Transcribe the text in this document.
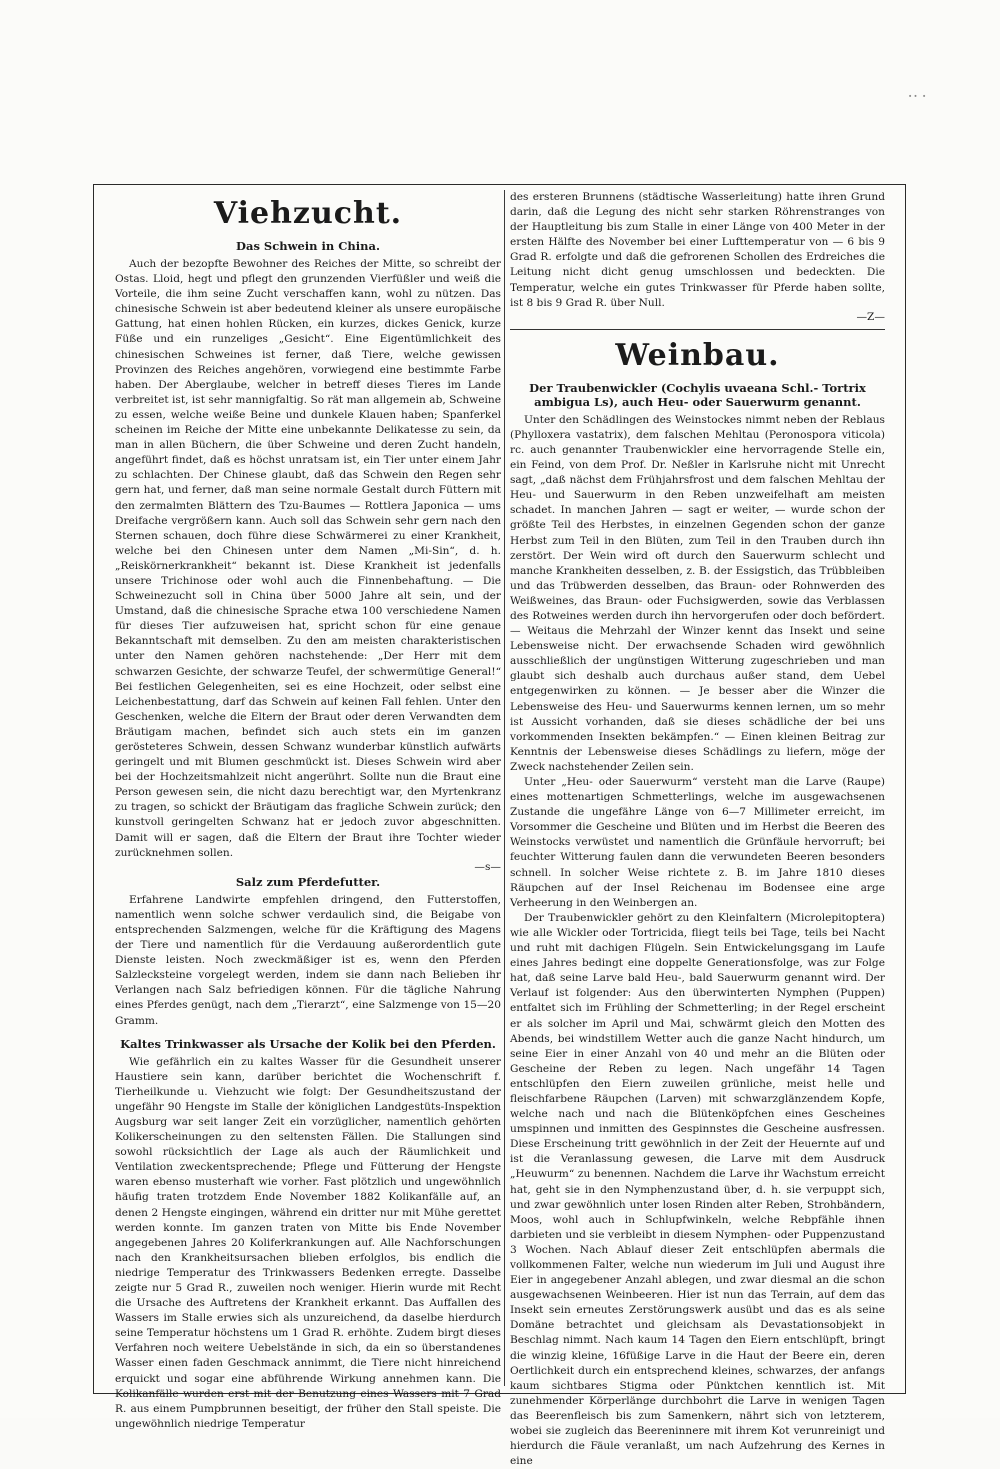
∙∙ ∙
Viehzucht.
Das Schwein in China.

Auch der bezopfte Bewohner des Reiches der Mitte, so schreibt der Ostas. Lloid, hegt und pflegt den grunzenden Vierfüßler und weiß die Vorteile, die ihm seine Zucht verschaffen kann, wohl zu nützen. Das chinesische Schwein ist aber bedeutend kleiner als unsere europäische Gattung, hat einen hohlen Rücken, ein kurzes, dickes Genick, kurze Füße und ein runzeliges „Gesicht“. Eine Eigentümlichkeit des chinesischen Schweines ist ferner, daß Tiere, welche gewissen Provinzen des Reiches angehören, vorwiegend eine bestimmte Farbe haben. Der Aberglaube, welcher in betreff dieses Tieres im Lande verbreitet ist, ist sehr mannigfaltig. So rät man allgemein ab, Schweine zu essen, welche weiße Beine und dunkele Klauen haben; Spanferkel scheinen im Reiche der Mitte eine unbekannte Delikatesse zu sein, da man in allen Büchern, die über Schweine und deren Zucht handeln, angeführt findet, daß es höchst unratsam ist, ein Tier unter einem Jahr zu schlachten. Der Chinese glaubt, daß das Schwein den Regen sehr gern hat, und ferner, daß man seine normale Gestalt durch Füttern mit den zermalmten Blättern des Tzu-Baumes — Rottlera Japonica — ums Dreifache vergrößern kann. Auch soll das Schwein sehr gern nach den Sternen schauen, doch führe diese Schwärmerei zu einer Krankheit, welche bei den Chinesen unter dem Namen „Mi-Sin“, d. h. „Reiskörnerkrankheit“ bekannt ist. Diese Krankheit ist jedenfalls unsere Trichinose oder wohl auch die Finnenbehaftung. — Die Schweinezucht soll in China über 5000 Jahre alt sein, und der Umstand, daß die chinesische Sprache etwa 100 verschiedene Namen für dieses Tier aufzuweisen hat, spricht schon für eine genaue Bekanntschaft mit demselben. Zu den am meisten charakteristischen unter den Namen gehören nachstehende: „Der Herr mit dem schwarzen Gesichte, der schwarze Teufel, der schwermütige General!“ Bei festlichen Gelegenheiten, sei es eine Hochzeit, oder selbst eine Leichenbestattung, darf das Schwein auf keinen Fall fehlen. Unter den Geschenken, welche die Eltern der Braut oder deren Verwandten dem Bräutigam machen, befindet sich auch stets ein im ganzen gerösteteres Schwein, dessen Schwanz wunderbar künstlich aufwärts geringelt und mit Blumen geschmückt ist. Dieses Schwein wird aber bei der Hochzeitsmahlzeit nicht angerührt. Sollte nun die Braut eine Person gewesen sein, die nicht dazu berechtigt war, den Myrtenkranz zu tragen, so schickt der Bräutigam das fragliche Schwein zurück; den kunstvoll geringelten Schwanz hat er jedoch zuvor abgeschnitten. Damit will er sagen, daß die Eltern der Braut ihre Tochter wieder zurücknehmen sollen.

—s—
Salz zum Pferdefutter.

Erfahrene Landwirte empfehlen dringend, den Futterstoffen, namentlich wenn solche schwer verdaulich sind, die Beigabe von entsprechenden Salzmengen, welche für die Kräftigung des Magens der Tiere und namentlich für die Verdauung außerordentlich gute Dienste leisten. Noch zweckmäßiger ist es, wenn den Pferden Salzlecksteine vorgelegt werden, indem sie dann nach Belieben ihr Verlangen nach Salz befriedigen können. Für die tägliche Nahrung eines Pferdes genügt, nach dem „Tierarzt“, eine Salzmenge von 15—20 Gramm.

Kaltes Trinkwasser als Ursache der Kolik bei den Pferden.

Wie gefährlich ein zu kaltes Wasser für die Gesundheit unserer Haustiere sein kann, darüber berichtet die Wochenschrift f. Tierheilkunde u. Viehzucht wie folgt: Der Gesundheitszustand der ungefähr 90 Hengste im Stalle der königlichen Landgestüts-Inspektion Augsburg war seit langer Zeit ein vorzüglicher, namentlich gehörten Kolikerscheinungen zu den seltensten Fällen. Die Stallungen sind sowohl rücksichtlich der Lage als auch der Räumlichkeit und Ventilation zweckentsprechende; Pflege und Fütterung der Hengste waren ebenso musterhaft wie vorher. Fast plötzlich und ungewöhnlich häufig traten trotzdem Ende November 1882 Kolikanfälle auf, an denen 2 Hengste eingingen, während ein dritter nur mit Mühe gerettet werden konnte. Im ganzen traten von Mitte bis Ende November angegebenen Jahres 20 Koliferkrankungen auf. Alle Nachforschungen nach den Krankheitsursachen blieben erfolglos, bis endlich die niedrige Temperatur des Trinkwassers Bedenken erregte. Dasselbe zeigte nur 5 Grad R., zuweilen noch weniger. Hierin wurde mit Recht die Ursache des Auftretens der Krankheit erkannt. Das Auffallen des Wassers im Stalle erwies sich als unzureichend, da daselbe hierdurch seine Temperatur höchstens um 1 Grad R. erhöhte. Zudem birgt dieses Verfahren noch weitere Uebelstände in sich, da ein so überstandenes Wasser einen faden Geschmack annimmt, die Tiere nicht hinreichend erquickt und sogar eine abführende Wirkung annehmen kann. Die Kolikanfälle wurden erst mit der Benutzung eines Wassers mit 7 Grad R. aus einem Pumpbrunnen beseitigt, der früher den Stall speiste. Die ungewöhnlich niedrige Temperatur

des ersteren Brunnens (städtische Wasserleitung) hatte ihren Grund darin, daß die Legung des nicht sehr starken Röhrenstranges von der Hauptleitung bis zum Stalle in einer Länge von 400 Meter in der ersten Hälfte des November bei einer Lufttemperatur von — 6 bis 9 Grad R. erfolgte und daß die gefrorenen Schollen des Erdreiches die Leitung nicht dicht genug umschlossen und bedeckten. Die Temperatur, welche ein gutes Trinkwasser für Pferde haben sollte, ist 8 bis 9 Grad R. über Null.

—Z—
Weinbau.
Der Traubenwickler (Cochylis uvaeana Schl.- Tortrix ambigua Ls), auch Heu- oder Sauerwurm genannt.

Unter den Schädlingen des Weinstockes nimmt neben der Reblaus (Phylloxera vastatrix), dem falschen Mehltau (Peronospora viticola) rc. auch genannter Traubenwickler eine hervorragende Stelle ein, ein Feind, von dem Prof. Dr. Neßler in Karlsruhe nicht mit Unrecht sagt, „daß nächst dem Frühjahrsfrost und dem falschen Mehltau der Heu- und Sauerwurm in den Reben unzweifelhaft am meisten schadet. In manchen Jahren — sagt er weiter, — wurde schon der größte Teil des Herbstes, in einzelnen Gegenden schon der ganze Herbst zum Teil in den Blüten, zum Teil in den Trauben durch ihn zerstört. Der Wein wird oft durch den Sauerwurm schlecht und manche Krankheiten desselben, z. B. der Essigstich, das Trübbleiben und das Trübwerden desselben, das Braun- oder Rohnwerden des Weißweines, das Braun- oder Fuchsigwerden, sowie das Verblassen des Rotweines werden durch ihn hervorgerufen oder doch befördert. — Weitaus die Mehrzahl der Winzer kennt das Insekt und seine Lebensweise nicht. Der erwachsende Schaden wird gewöhnlich ausschließlich der ungünstigen Witterung zugeschrieben und man glaubt sich deshalb auch durchaus außer stand, dem Uebel entgegenwirken zu können. — Je besser aber die Winzer die Lebensweise des Heu- und Sauerwurms kennen lernen, um so mehr ist Aussicht vorhanden, daß sie dieses schädliche der bei uns vorkommenden Insekten bekämpfen.“ — Einen kleinen Beitrag zur Kenntnis der Lebensweise dieses Schädlings zu liefern, möge der Zweck nachstehender Zeilen sein.

Unter „Heu- oder Sauerwurm“ versteht man die Larve (Raupe) eines mottenartigen Schmetterlings, welche im ausgewachsenen Zustande die ungefähre Länge von 6—7 Millimeter erreicht, im Vorsommer die Gescheine und Blüten und im Herbst die Beeren des Weinstocks verwüstet und namentlich die Grünfäule hervorruft; bei feuchter Witterung faulen dann die verwundeten Beeren besonders schnell. In solcher Weise richtete z. B. im Jahre 1810 dieses Räupchen auf der Insel Reichenau im Bodensee eine arge Verheerung in den Weinbergen an.

Der Traubenwickler gehört zu den Kleinfaltern (Microlepitoptera) wie alle Wickler oder Tortricida, fliegt teils bei Tage, teils bei Nacht und ruht mit dachigen Flügeln. Sein Entwickelungsgang im Laufe eines Jahres bedingt eine doppelte Generationsfolge, was zur Folge hat, daß seine Larve bald Heu-, bald Sauerwurm genannt wird. Der Verlauf ist folgender: Aus den überwinterten Nymphen (Puppen) entfaltet sich im Frühling der Schmetterling; in der Regel erscheint er als solcher im April und Mai, schwärmt gleich den Motten des Abends, bei windstillem Wetter auch die ganze Nacht hindurch, um seine Eier in einer Anzahl von 40 und mehr an die Blüten oder Gescheine der Reben zu legen. Nach ungefähr 14 Tagen entschlüpfen den Eiern zuweilen grünliche, meist helle und fleischfarbene Räupchen (Larven) mit schwarzglänzendem Kopfe, welche nach und nach die Blütenköpfchen eines Gescheines umspinnen und inmitten des Gespinnstes die Gescheine ausfressen. Diese Erscheinung tritt gewöhnlich in der Zeit der Heuernte auf und ist die Veranlassung gewesen, die Larve mit dem Ausdruck „Heuwurm“ zu benennen. Nachdem die Larve ihr Wachstum erreicht hat, geht sie in den Nymphenzustand über, d. h. sie verpuppt sich, und zwar gewöhnlich unter losen Rinden alter Reben, Strohbändern, Moos, wohl auch in Schlupfwinkeln, welche Rebpfähle ihnen darbieten und sie verbleibt in diesem Nymphen- oder Puppenzustand 3 Wochen. Nach Ablauf dieser Zeit entschlüpfen abermals die vollkommenen Falter, welche nun wiederum im Juli und August ihre Eier in angegebener Anzahl ablegen, und zwar diesmal an die schon ausgewachsenen Weinbeeren. Hier ist nun das Terrain, auf dem das Insekt sein erneutes Zerstörungswerk ausübt und das es als seine Domäne betrachtet und gleichsam als Devastationsobjekt in Beschlag nimmt. Nach kaum 14 Tagen den Eiern entschlüpft, bringt die winzig kleine, 16füßige Larve in die Haut der Beere ein, deren Oertlichkeit durch ein entsprechend kleines, schwarzes, der anfangs kaum sichtbares Stigma oder Pünktchen kenntlich ist. Mit zunehmender Körperlänge durchbohrt die Larve in wenigen Tagen das Beerenfleisch bis zum Samenkern, nährt sich von letzterem, wobei sie zugleich das Beereninnere mit ihrem Kot verunreinigt und hierdurch die Fäule veranlaßt, um nach Aufzehrung des Kernes in eine
